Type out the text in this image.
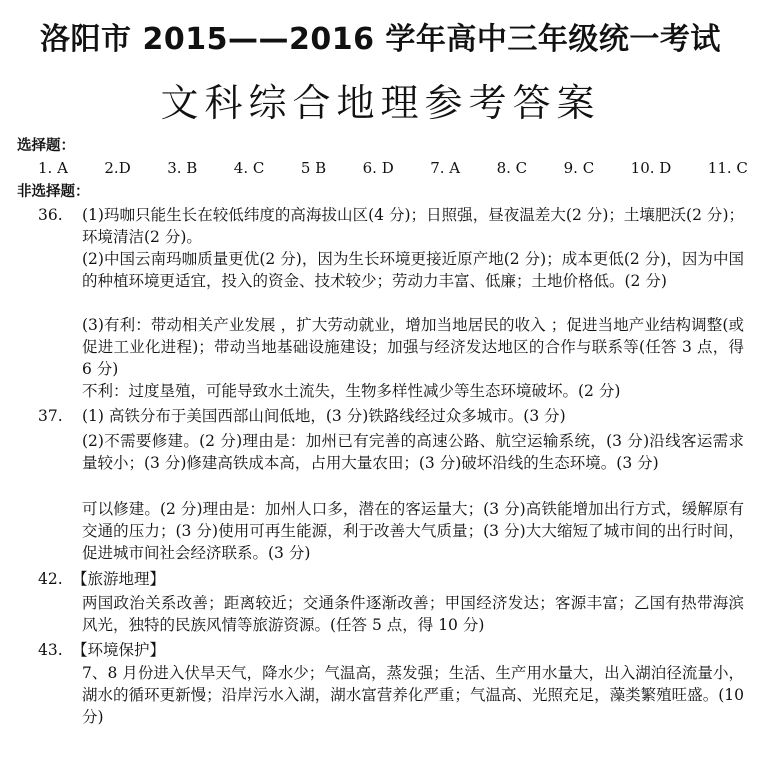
洛阳市 2015——2016 学年高中三年级统一考试
文科综合地理参考答案
选择题：
1. A 2.D 3. B 4. C 5 B 6. D 7. A 8. C 9. C 10. D 11. C
非选择题：
36. (1)玛咖只能生长在较低纬度的高海拔山区(4 分)；日照强，昼夜温差大(2 分)；土壤肥沃(2 分)；环境清洁(2 分)。
(2)中国云南玛咖质量更优(2 分)，因为生长环境更接近原产地(2 分)；成本更低(2 分)，因为中国的种植环境更适宜，投入的资金、技术较少；劳动力丰富、低廉；土地价格低。(2 分)
(3)有利：带动相关产业发展 ，扩大劳动就业，增加当地居民的收入 ；促进当地产业结构调整(或促进工业化进程)；带动当地基础设施建设；加强与经济发达地区的合作与联系等(任答 3 点，得 6 分)
不利：过度垦殖，可能导致水土流失，生物多样性减少等生态环境破坏。(2 分)
37. (1) 高铁分布于美国西部山间低地，(3 分)铁路线经过众多城市。(3 分)
(2)不需要修建。(2 分)理由是：加州已有完善的高速公路、航空运输系统，(3 分)沿线客运需求量较小；(3 分)修建高铁成本高，占用大量农田；(3 分)破坏沿线的生态环境。(3 分)
可以修建。(2 分)理由是：加州人口多，潜在的客运量大；(3 分)高铁能增加出行方式，缓解原有交通的压力；(3 分)使用可再生能源，利于改善大气质量；(3 分)大大缩短了城市间的出行时间，促进城市间社会经济联系。(3 分)
42. 【旅游地理】
两国政治关系改善；距离较近；交通条件逐渐改善；甲国经济发达；客源丰富；乙国有热带海滨风光，独特的民族风情等旅游资源。(任答 5 点，得 10 分)
43. 【环境保护】
7、8 月份进入伏旱天气，降水少；气温高，蒸发强；生活、生产用水量大，出入湖泊径流量小，湖水的循环更新慢；沿岸污水入湖，湖水富营养化严重；气温高、光照充足，藻类繁殖旺盛。(10 分)
